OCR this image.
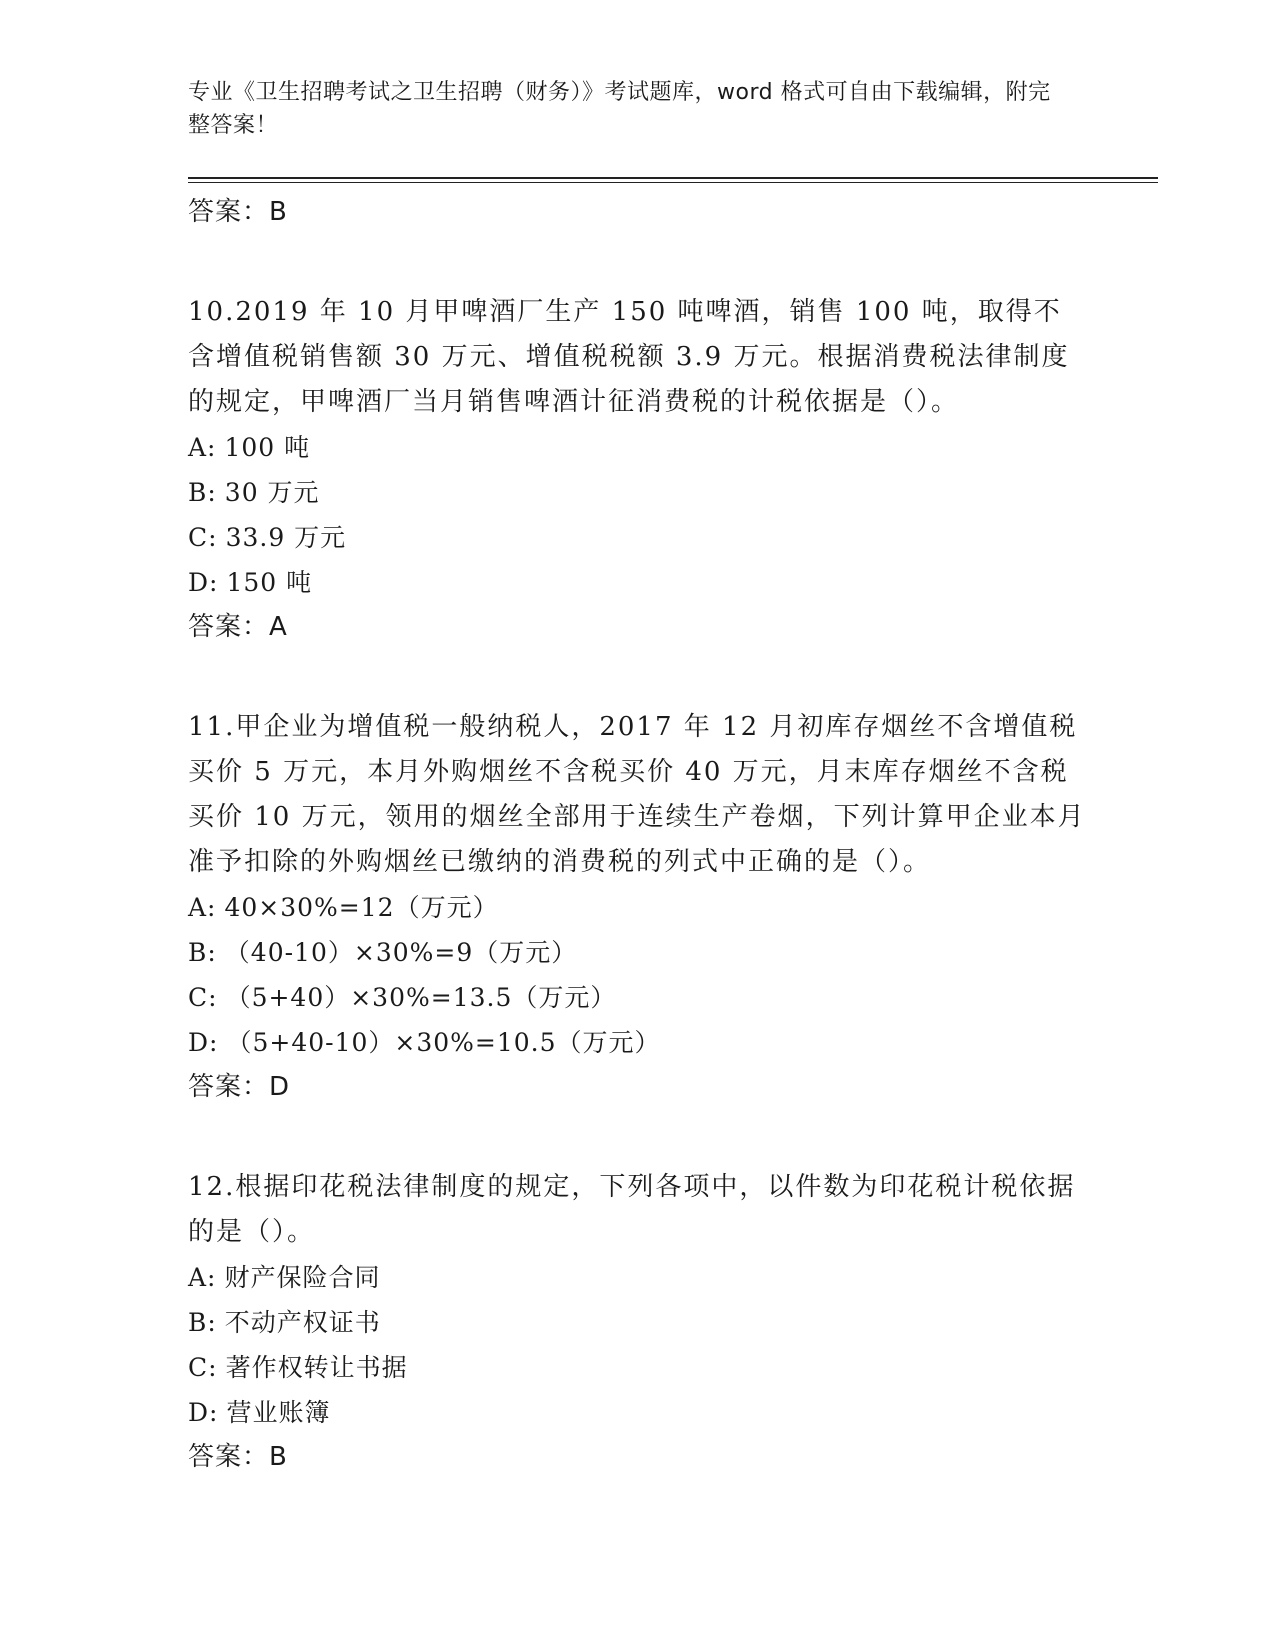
专业《卫生招聘考试之卫生招聘（财务）》考试题库，word 格式可自由下载编辑，附完整答案！

答案：B

10.2019 年 10 月甲啤酒厂生产 150 吨啤酒，销售 100 吨，取得不含增值税销售额 30 万元、增值税税额 3.9 万元。根据消费税法律制度的规定，甲啤酒厂当月销售啤酒计征消费税的计税依据是（）。

A: 100 吨

B: 30 万元

C: 33.9 万元

D: 150 吨

答案：A

11.甲企业为增值税一般纳税人，2017 年 12 月初库存烟丝不含增值税买价 5 万元，本月外购烟丝不含税买价 40 万元，月末库存烟丝不含税买价 10 万元，领用的烟丝全部用于连续生产卷烟，下列计算甲企业本月准予扣除的外购烟丝已缴纳的消费税的列式中正确的是（）。

A: 40×30%=12（万元）

B: （40-10）×30%=9（万元）

C: （5+40）×30%=13.5（万元）

D: （5+40-10）×30%=10.5（万元）

答案：D

12.根据印花税法律制度的规定，下列各项中，以件数为印花税计税依据的是（）。

A: 财产保险合同

B: 不动产权证书

C: 著作权转让书据

D: 营业账簿

答案：B
